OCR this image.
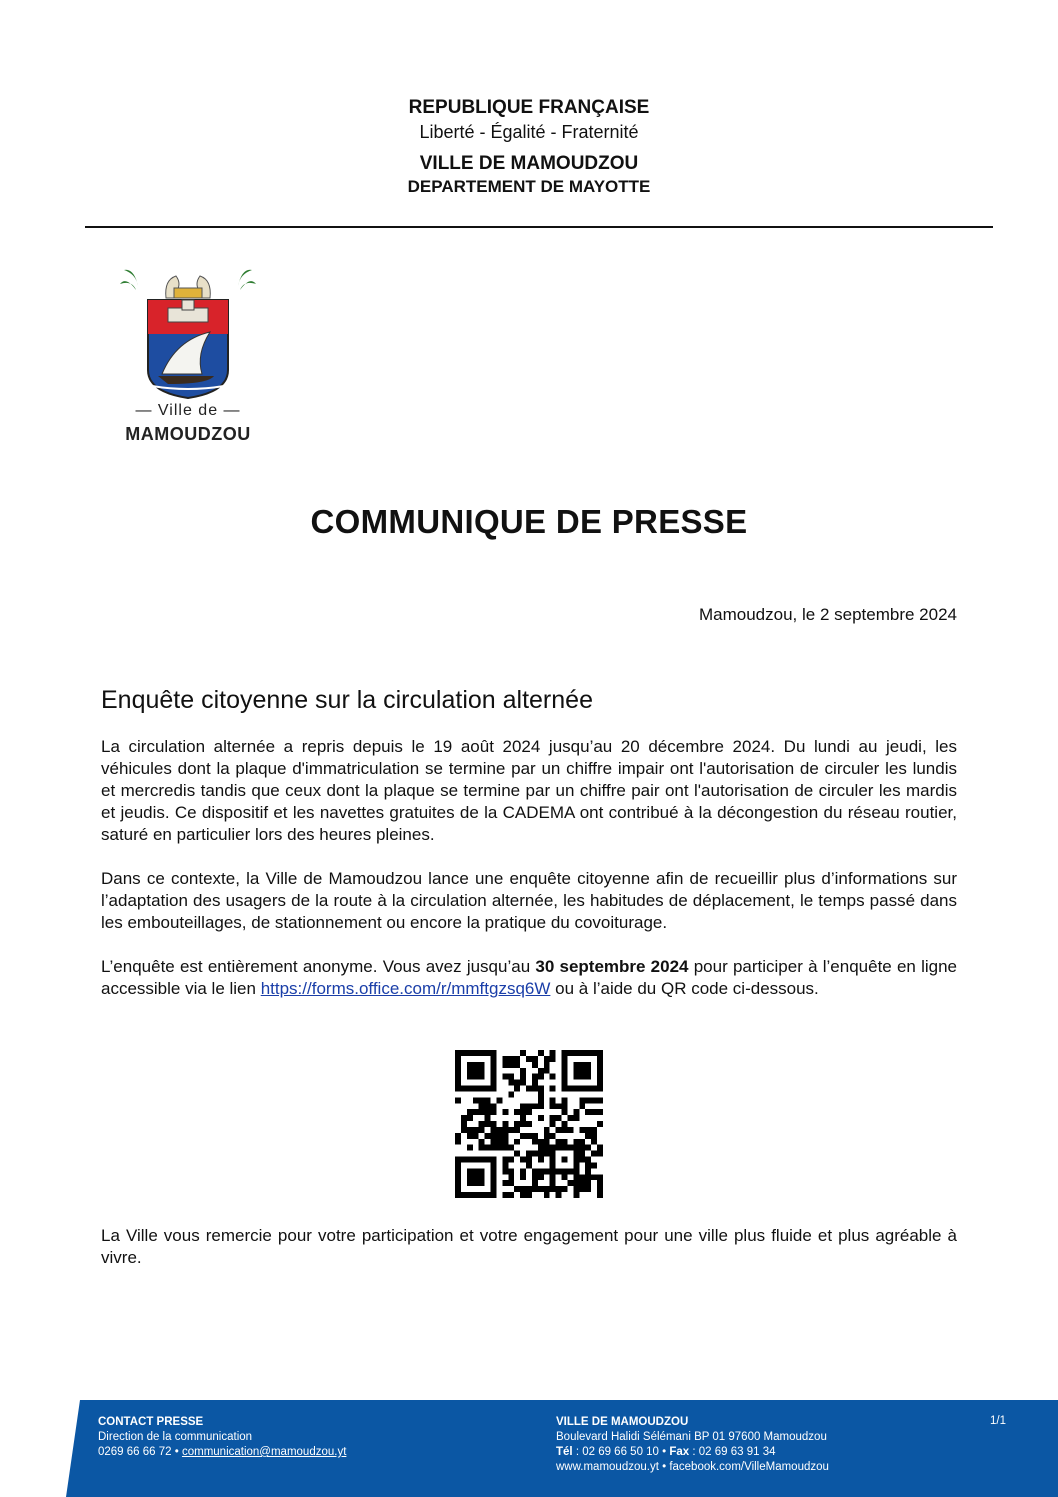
REPUBLIQUE FRANÇAISE
Liberté - Égalité - Fraternité
VILLE DE MAMOUDZOU
DEPARTEMENT DE MAYOTTE
— Ville de —
MAMOUDZOU
COMMUNIQUE DE PRESSE
Mamoudzou, le 2 septembre 2024
Enquête citoyenne sur la circulation alternée

La circulation alternée a repris depuis le 19 août 2024 jusqu’au 20 décembre 2024. Du lundi au jeudi, les véhicules dont la plaque d'immatriculation se termine par un chiffre impair ont l'autorisation de circuler les lundis et mercredis tandis que ceux dont la plaque se termine par un chiffre pair ont l'autorisation de circuler les mardis et jeudis. Ce dispositif et les navettes gratuites de la CADEMA ont contribué à la décongestion du réseau routier, saturé en particulier lors des heures pleines.

Dans ce contexte, la Ville de Mamoudzou lance une enquête citoyenne afin de recueillir plus d’informations sur l’adaptation des usagers de la route à la circulation alternée, les habitudes de déplacement, le temps passé dans les embouteillages, de stationnement ou encore la pratique du covoiturage.

L’enquête est entièrement anonyme. Vous avez jusqu’au 30 septembre 2024 pour participer à l’enquête en ligne accessible via le lien https://forms.office.com/r/mmftgzsq6W ou à l’aide du QR code ci-dessous.

La Ville vous remercie pour votre participation et votre engagement pour une ville plus fluide et plus agréable à vivre.
CONTACT PRESSE
Direction de la communication
0269 66 66 72 • communication@mamoudzou.yt
VILLE DE MAMOUDZOU
Boulevard Halidi Sélémani BP 01 97600 Mamoudzou
Tél : 02 69 66 50 10 • Fax : 02 69 63 91 34
www.mamoudzou.yt • facebook.com/VilleMamoudzou
1/1
